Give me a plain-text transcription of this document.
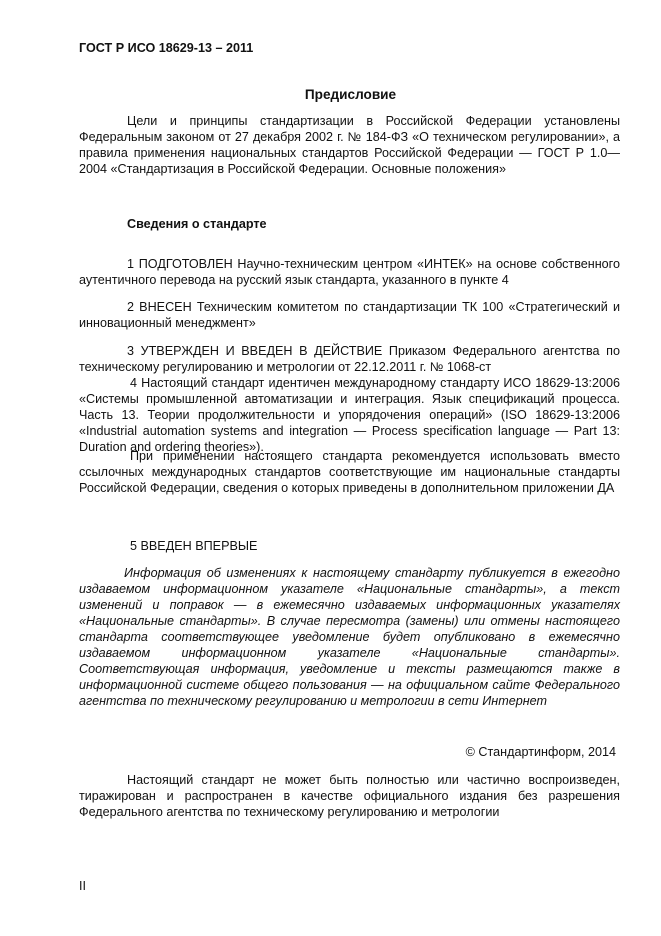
ГОСТ Р ИСО 18629-13 – 2011
Предисловие

Цели и принципы стандартизации в Российской Федерации установлены Федеральным законом от 27 декабря 2002 г. № 184-ФЗ «О техническом регулировании», а правила применения национальных стандартов Российской Федерации — ГОСТ Р 1.0—2004 «Стандартизация в Российской Федерации. Основные положения»

Сведения о стандарте

1 ПОДГОТОВЛЕН Научно-техническим центром «ИНТЕК» на основе собственного аутентичного перевода на русский язык стандарта, указанного в пункте 4

2 ВНЕСЕН Техническим комитетом по стандартизации ТК 100 «Стратегический и инновационный менеджмент»

3 УТВЕРЖДЕН И ВВЕДЕН В ДЕЙСТВИЕ Приказом Федерального агентства по техническому регулированию и метрологии от 22.12.2011 г. № 1068-ст

4 Настоящий стандарт идентичен международному стандарту ИСО 18629-13:2006 «Системы промышленной автоматизации и интеграция. Язык спецификаций процесса. Часть 13. Теории продолжительности и упорядочения операций» (ISO 18629-13:2006 «Industrial automation systems and integration — Process specification language — Part 13: Duration and ordering theories»).

При применении настоящего стандарта рекомендуется использовать вместо ссылочных международных стандартов соответствующие им национальные стандарты Российской Федерации, сведения о которых приведены в дополнительном приложении ДА

5 ВВЕДЕН ВПЕРВЫЕ

Информация об изменениях к настоящему стандарту публикуется в ежегодно издаваемом информационном указателе «Национальные стандарты», а текст изменений и поправок — в ежемесячно издаваемых информационных указателях «Национальные стандарты». В случае пересмотра (замены) или отмены настоящего стандарта соответствующее уведомление будет опубликовано в ежемесячно издаваемом информационном указателе «Национальные стандарты». Соответствующая информация, уведомление и тексты размещаются также в информационной системе общего пользования — на официальном сайте Федерального агентства по техническому регулированию и метрологии в сети Интернет

© Стандартинформ, 2014

Настоящий стандарт не может быть полностью или частично воспроизведен, тиражирован и распространен в качестве официального издания без разрешения Федерального агентства по техническому регулированию и метрологии

II
